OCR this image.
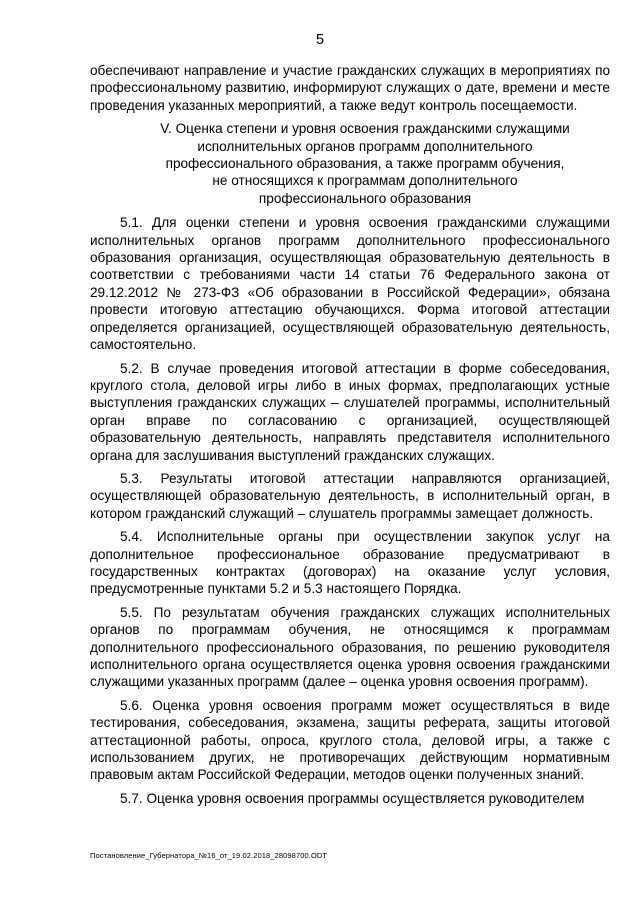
5

обеспечивают направление и участие гражданских служащих в мероприятиях по профессиональному развитию, информируют служащих о дате, времени и месте проведения указанных мероприятий, а также ведут контроль посещаемости.

V. Оценка степени и уровня освоения гражданскими служащими
исполнительных органов программ дополнительного
профессионального образования, а также программ обучения,
не относящихся к программам дополнительного
профессионального образования

5.1. Для оценки степени и уровня освоения гражданскими служащими исполнительных органов программ дополнительного профессионального образования организация, осуществляющая образовательную деятельность в соответствии с требованиями части 14 статьи 76 Федерального закона от 29.12.2012 № 273-ФЗ «Об образовании в Российской Федерации», обязана провести итоговую аттестацию обучающихся. Форма итоговой аттестации определяется организацией, осуществляющей образовательную деятельность, самостоятельно.

5.2. В случае проведения итоговой аттестации в форме собеседования, круглого стола, деловой игры либо в иных формах, предполагающих устные выступления гражданских служащих – слушателей программы, исполнительный орган вправе по согласованию с организацией, осуществляющей образовательную деятельность, направлять представителя исполнительного органа для заслушивания выступлений гражданских служащих.

5.3. Результаты итоговой аттестации направляются организацией, осуществляющей образовательную деятельность, в исполнительный орган, в котором гражданский служащий – слушатель программы замещает должность.

5.4. Исполнительные органы при осуществлении закупок услуг на дополнительное профессиональное образование предусматривают в государственных контрактах (договорах) на оказание услуг условия, предусмотренные пунктами 5.2 и 5.3 настоящего Порядка.

5.5. По результатам обучения гражданских служащих исполнительных органов по программам обучения, не относящимся к программам дополнительного профессионального образования, по решению руководителя исполнительного органа осуществляется оценка уровня освоения гражданскими служащими указанных программ (далее – оценка уровня освоения программ).

5.6. Оценка уровня освоения программ может осуществляться в виде тестирования, собеседования, экзамена, защиты реферата, защиты итоговой аттестационной работы, опроса, круглого стола, деловой игры, а также с использованием других, не противоречащих действующим нормативным правовым актам Российской Федерации, методов оценки полученных знаний.

5.7. Оценка уровня освоения программы осуществляется руководителем

Постановление_Губернатора_№16_от_19.02.2018_28098700.ODT
